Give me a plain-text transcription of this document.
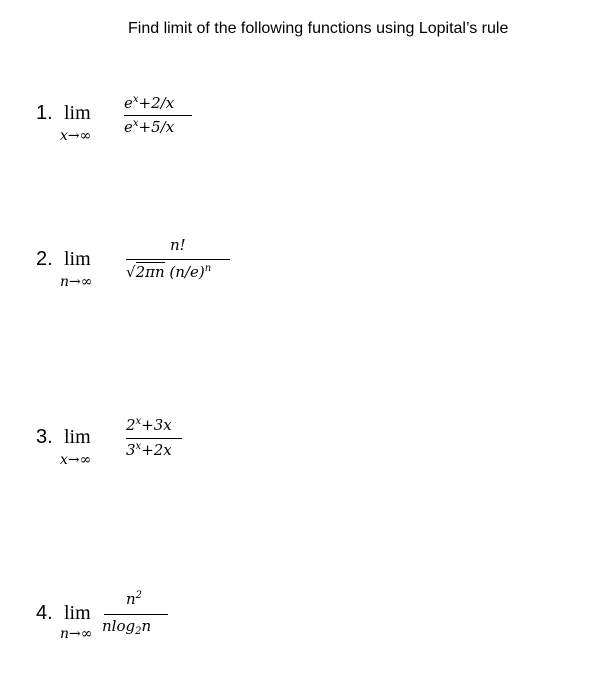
Find limit of the following functions using Lopital’s rule
1. lim
x→∞
$e^x+2/x$
$e^x+5/x$
2. lim
n→∞
n!
√2πn $(n/e)^n$
3. lim
x→∞
$2^x+3x$
$3^x+2x$
4. lim
n→∞
$n^2$
nlog$_2$n
